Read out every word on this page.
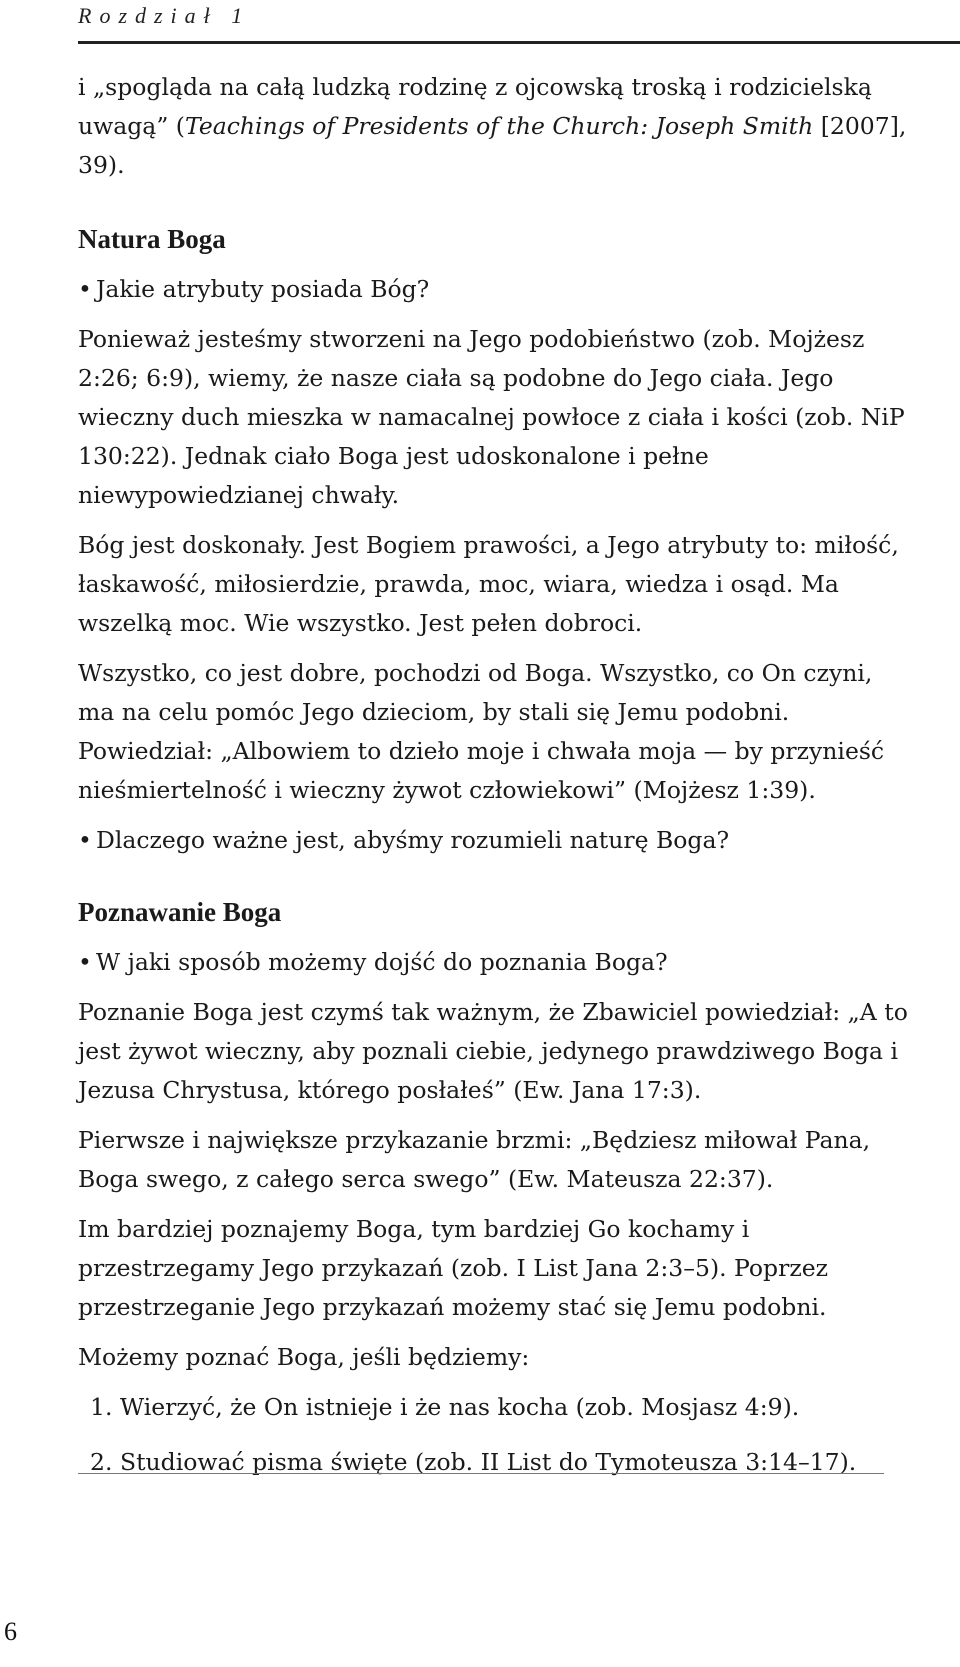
Rozdział 1

i „spogląda na całą ludzką rodzinę z ojcowską troską i rodzicielską uwagą” (Teachings of Presidents of the Church: Joseph Smith [2007], 39).

Natura Boga
• Jakie atrybuty posiada Bóg?

Ponieważ jesteśmy stworzeni na Jego podobieństwo (zob. Mojżesz 2:26; 6:9), wiemy, że nasze ciała są podobne do Jego ciała. Jego wieczny duch mieszka w namacalnej powłoce z ciała i kości (zob. NiP 130:22). Jednak ciało Boga jest udoskonalone i pełne niewypowiedzianej chwały.

Bóg jest doskonały. Jest Bogiem prawości, a Jego atrybuty to: miłość, łaskawość, miłosierdzie, prawda, moc, wiara, wiedza i osąd. Ma wszelką moc. Wie wszystko. Jest pełen dobroci.

Wszystko, co jest dobre, pochodzi od Boga. Wszystko, co On czyni, ma na celu pomóc Jego dzieciom, by stali się Jemu podobni. Powiedział: „Albowiem to dzieło moje i chwała moja — by przynieść nieśmiertelność i wieczny żywot człowiekowi” (Mojżesz 1:39).

• Dlaczego ważne jest, abyśmy rozumieli naturę Boga?
Poznawanie Boga
• W jaki sposób możemy dojść do poznania Boga?

Poznanie Boga jest czymś tak ważnym, że Zbawiciel powiedział: „A to jest żywot wieczny, aby poznali ciebie, jedynego prawdziwego Boga i Jezusa Chrystusa, którego posłałeś” (Ew. Jana 17:3).

Pierwsze i największe przykazanie brzmi: „Będziesz miłował Pana, Boga swego, z całego serca swego” (Ew. Mateusza 22:37).

Im bardziej poznajemy Boga, tym bardziej Go kochamy i przestrzegamy Jego przykazań (zob. I List Jana 2:3–5). Poprzez przestrzeganie Jego przykazań możemy stać się Jemu podobni.

Możemy poznać Boga, jeśli będziemy:

1. Wierzyć, że On istnieje i że nas kocha (zob. Mosjasz 4:9).
2. Studiować pisma święte (zob. II List do Tymoteusza 3:14–17).
6
